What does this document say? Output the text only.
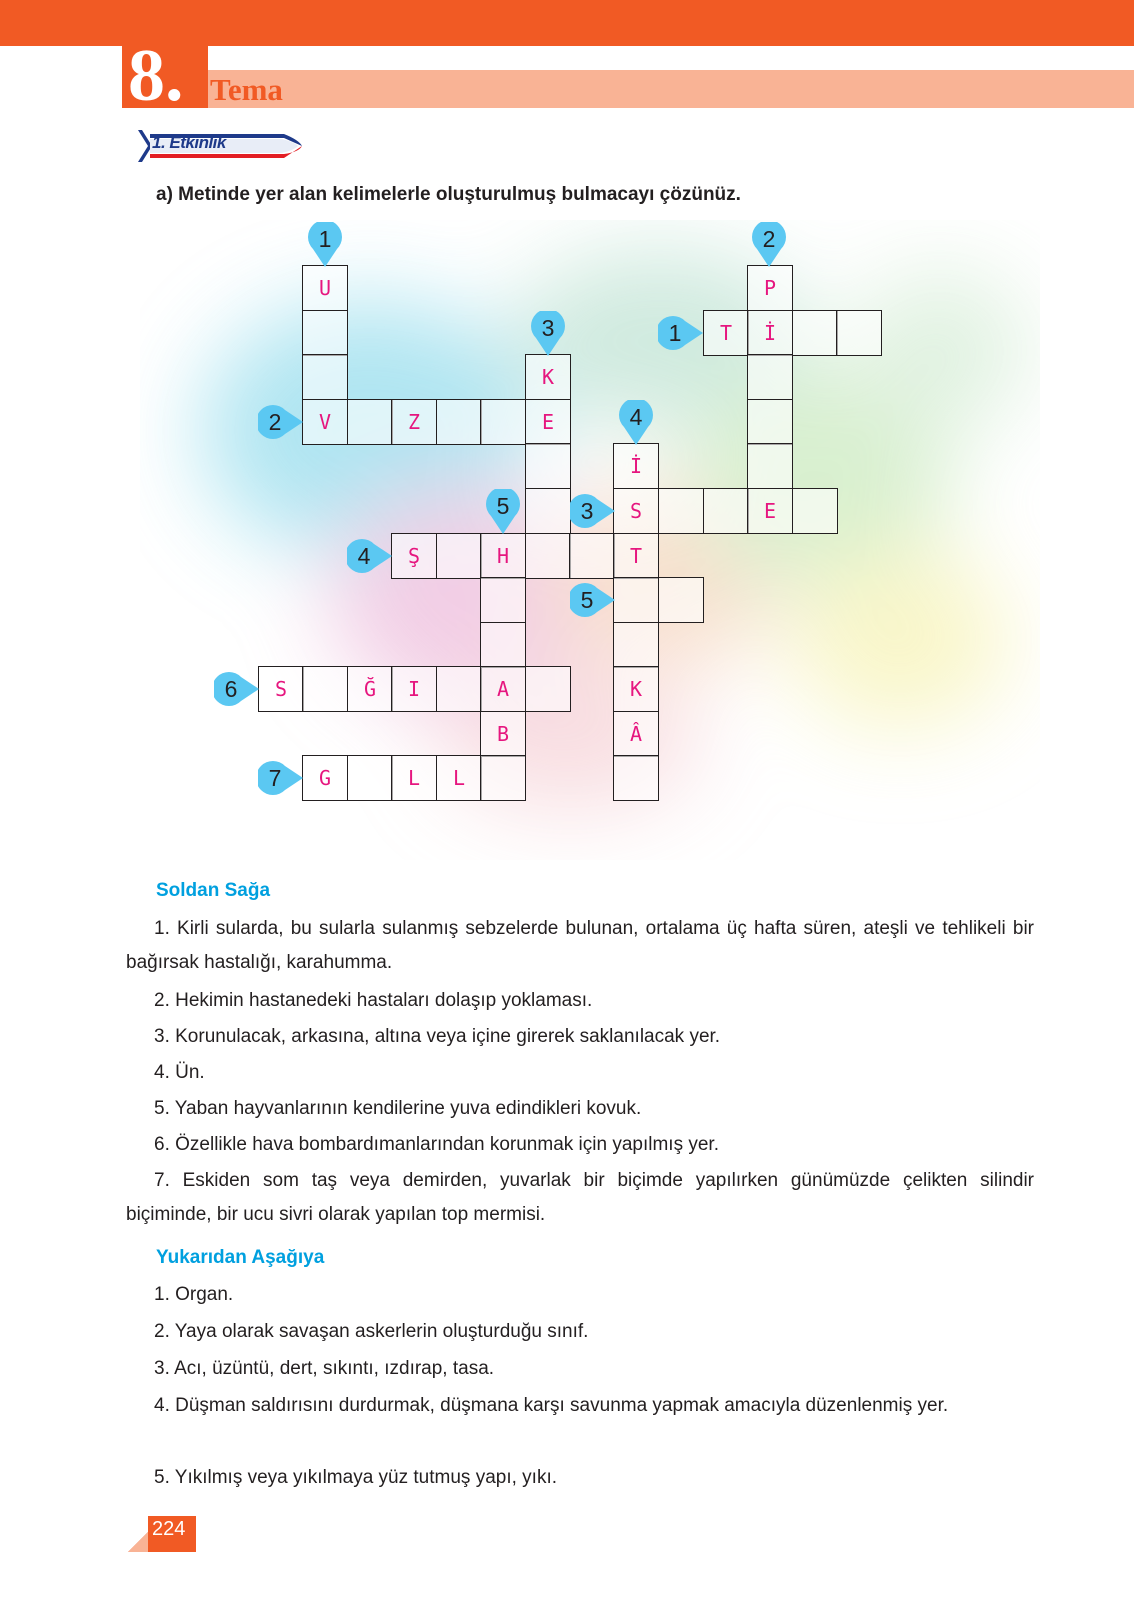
8. Tema
1. Etkinlik
a) Metinde yer alan kelimelerle oluşturulmuş bulmacayı çözünüz.
U	P
T	İ
K
V	Z	E
İ
S	E
Ş	H	T
S	Ğ	I	A	K
B	Â
G	L	L
1	2
3
4
5
1
2
3
4
5
6
7
Soldan Sağa
1. Kirli sularda, bu sularla sulanmış sebzelerde bulunan, ortalama üç hafta süren, ateşli ve tehlikeli bir bağırsak hastalığı, karahumma.
2. Hekimin hastanedeki hastaları dolaşıp yoklaması.
3. Korunulacak, arkasına, altına veya içine girerek saklanılacak yer.
4. Ün.
5. Yaban hayvanlarının kendilerine yuva edindikleri kovuk.
6. Özellikle hava bombardımanlarından korunmak için yapılmış yer.
7. Eskiden som taş veya demirden, yuvarlak bir biçimde yapılırken günümüzde çelikten silindir biçiminde, bir ucu sivri olarak yapılan top mermisi.
Yukarıdan Aşağıya
1. Organ.
2. Yaya olarak savaşan askerlerin oluşturduğu sınıf.
3. Acı, üzüntü, dert, sıkıntı, ızdırap, tasa.
4. Düşman saldırısını durdurmak, düşmana karşı savunma yapmak amacıyla düzenlenmiş yer.
5. Yıkılmış veya yıkılmaya yüz tutmuş yapı, yıkı.
224
